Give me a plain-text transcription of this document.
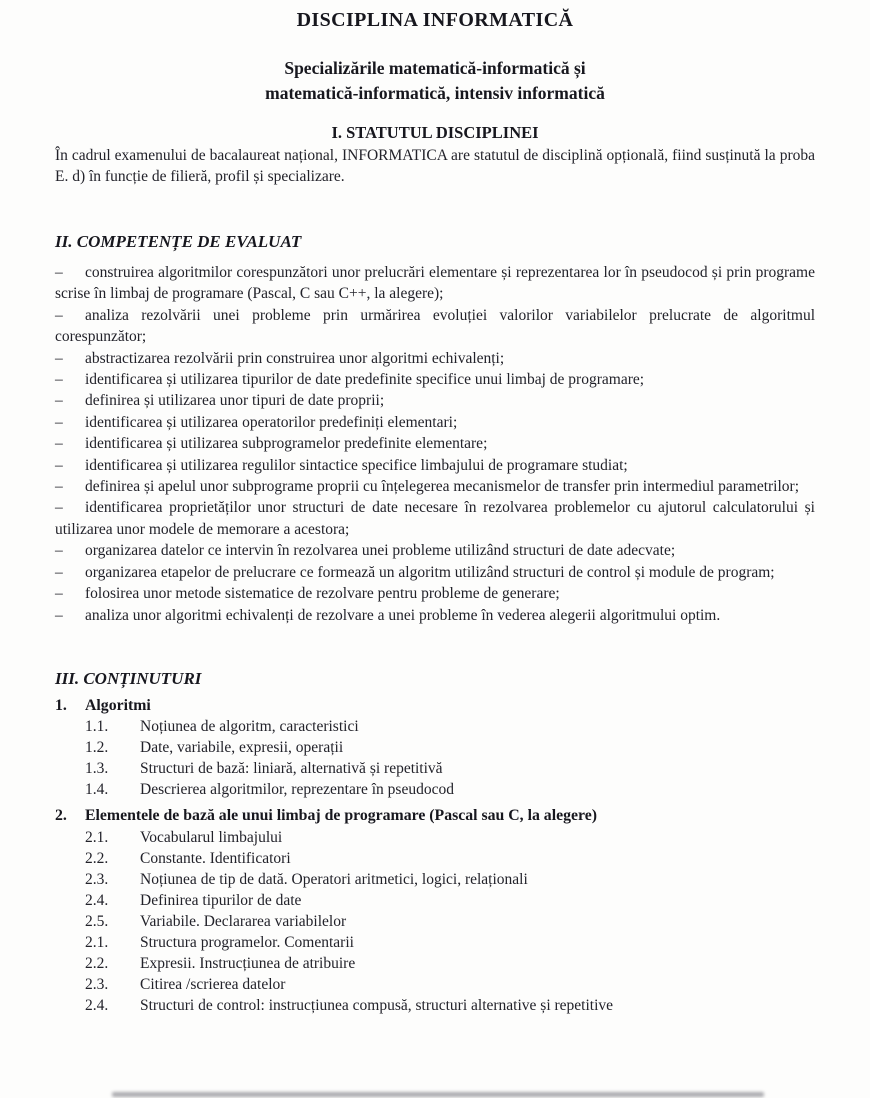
DISCIPLINA INFORMATICĂ
Specializările matematică-informatică și
matematică-informatică, intensiv informatică
I. STATUTUL DISCIPLINEI
În cadrul examenului de bacalaureat național, INFORMATICA are statutul de disciplină opțională, fiind susținută la proba E. d) în funcție de filieră, profil și specializare.
II. COMPETENȚE DE EVALUAT

– construirea algoritmilor corespunzători unor prelucrări elementare și reprezentarea lor în pseudocod și prin programe scrise în limbaj de programare (Pascal, C sau C++, la alegere);

– analiza rezolvării unei probleme prin urmărirea evoluției valorilor variabilelor prelucrate de algoritmul corespunzător;

– abstractizarea rezolvării prin construirea unor algoritmi echivalenți;

– identificarea și utilizarea tipurilor de date predefinite specifice unui limbaj de programare;

– definirea și utilizarea unor tipuri de date proprii;

– identificarea și utilizarea operatorilor predefiniți elementari;

– identificarea și utilizarea subprogramelor predefinite elementare;

– identificarea și utilizarea regulilor sintactice specifice limbajului de programare studiat;

– definirea și apelul unor subprograme proprii cu înțelegerea mecanismelor de transfer prin intermediul parametrilor;

– identificarea proprietăților unor structuri de date necesare în rezolvarea problemelor cu ajutorul calculatorului și utilizarea unor modele de memorare a acestora;

– organizarea datelor ce intervin în rezolvarea unei probleme utilizând structuri de date adecvate;

– organizarea etapelor de prelucrare ce formează un algoritm utilizând structuri de control și module de program;

– folosirea unor metode sistematice de rezolvare pentru probleme de generare;

– analiza unor algoritmi echivalenți de rezolvare a unei probleme în vederea alegerii algoritmului optim.

III. CONȚINUTURI
1. Algoritmi
1.1. Noțiunea de algoritm, caracteristici
1.2. Date, variabile, expresii, operații
1.3. Structuri de bază: liniară, alternativă și repetitivă
1.4. Descrierea algoritmilor, reprezentare în pseudocod
2. Elementele de bază ale unui limbaj de programare (Pascal sau C, la alegere)
2.1. Vocabularul limbajului
2.2. Constante. Identificatori
2.3. Noțiunea de tip de dată. Operatori aritmetici, logici, relaționali
2.4. Definirea tipurilor de date
2.5. Variabile. Declararea variabilelor
2.1. Structura programelor. Comentarii
2.2. Expresii. Instrucțiunea de atribuire
2.3. Citirea /scrierea datelor
2.4. Structuri de control: instrucțiunea compusă, structuri alternative și repetitive
